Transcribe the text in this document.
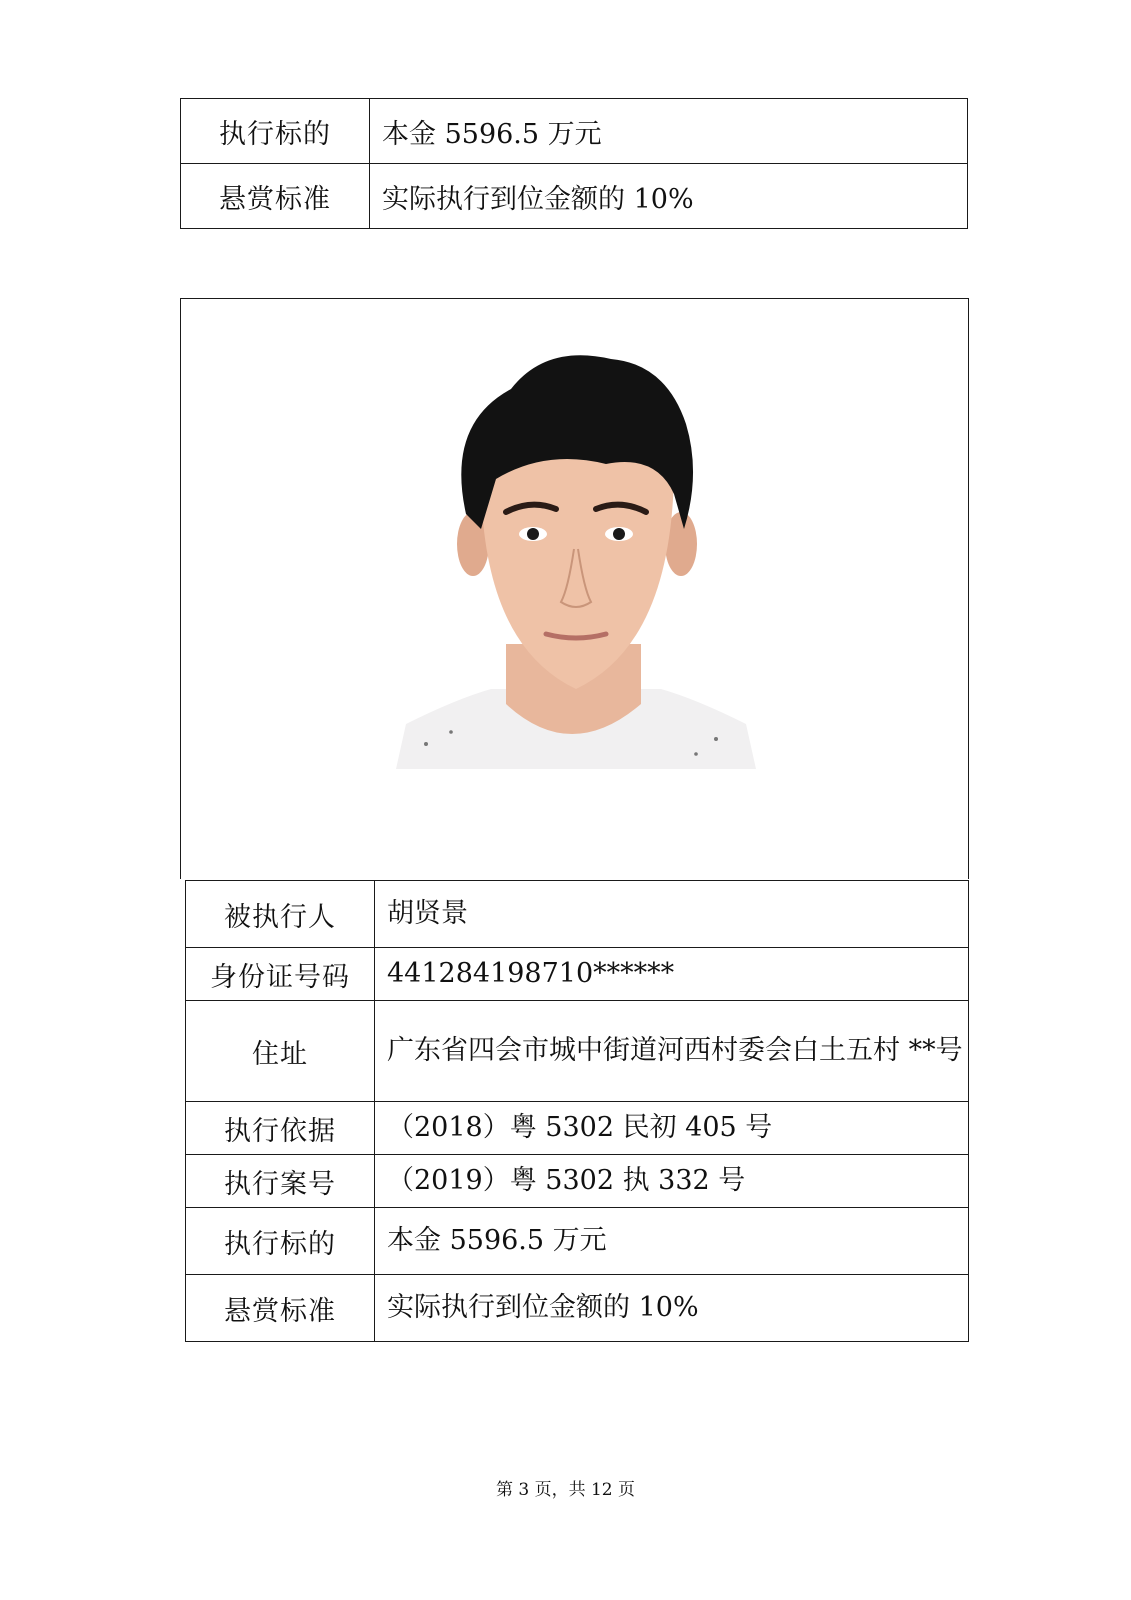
执行标的	本金 5596.5 万元
悬赏标准	实际执行到位金额的 10%
被执行人	胡贤景
身份证号码	441284198710******
住址	广东省四会市城中街道河西村委会白土五村 **号
执行依据	（2018）粤 5302 民初 405 号
执行案号	（2019）粤 5302 执 332 号
执行标的	本金 5596.5 万元
悬赏标准	实际执行到位金额的 10%
第 3 页，共 12 页
